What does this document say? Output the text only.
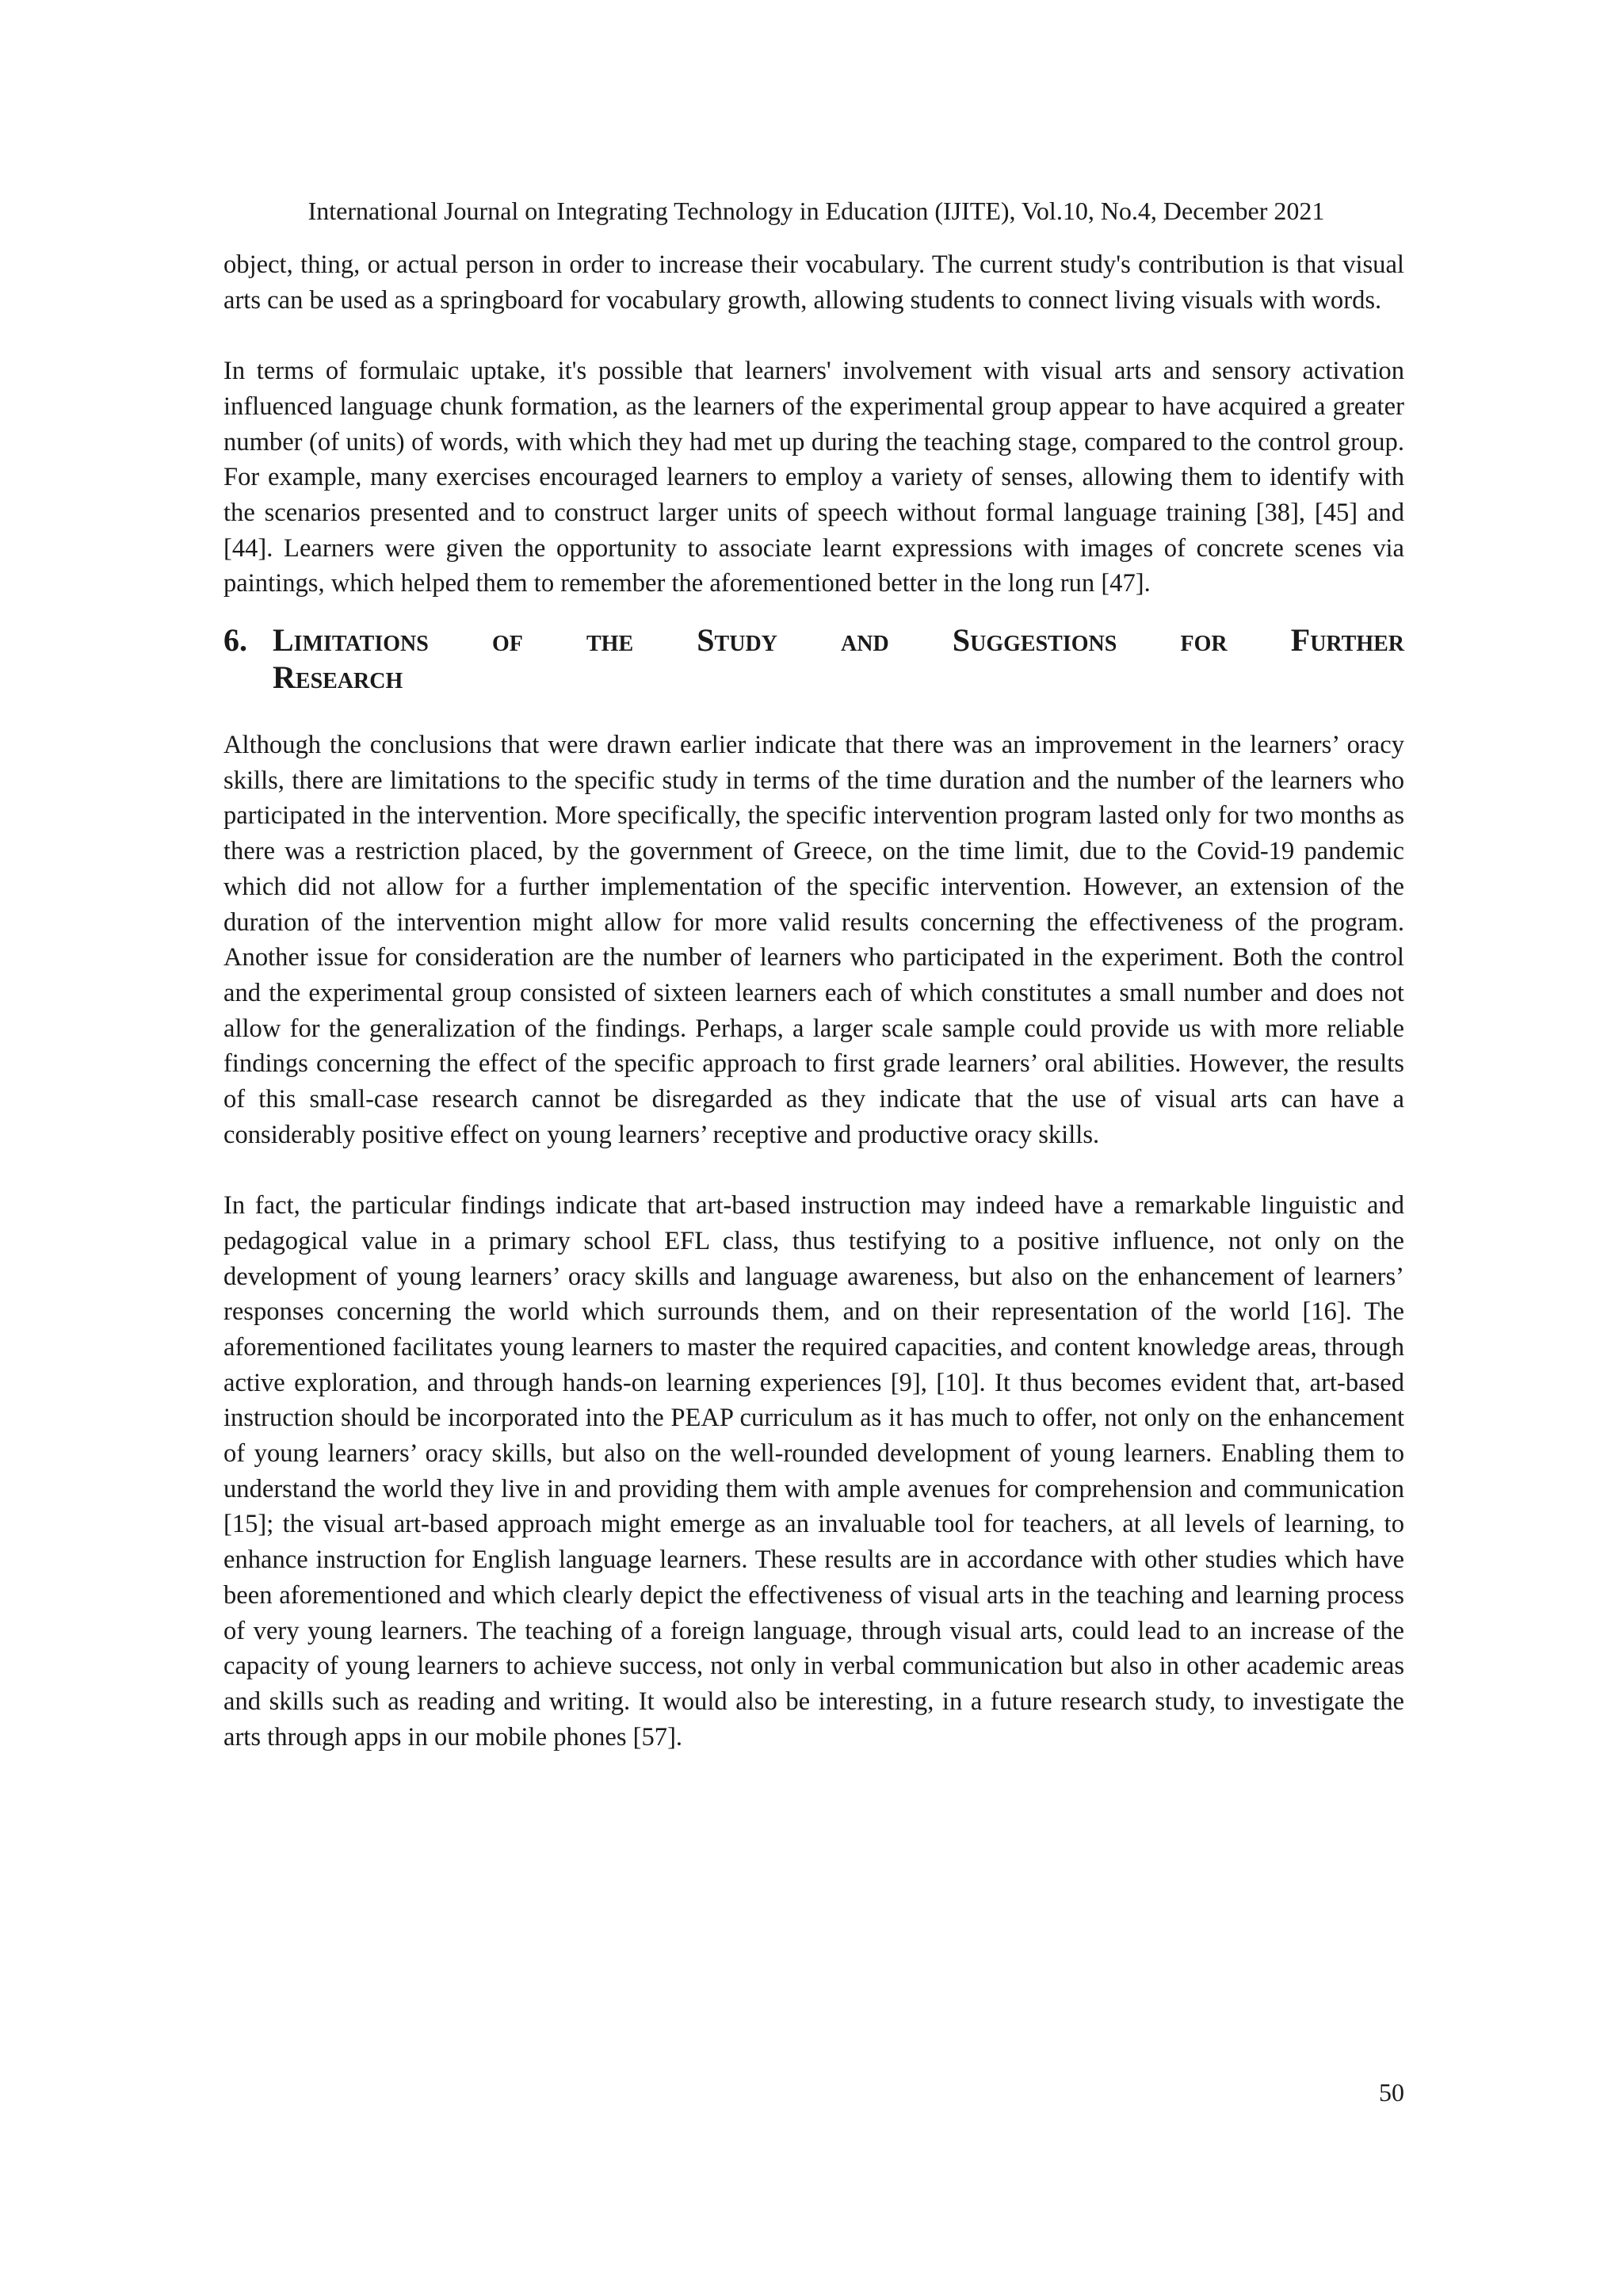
International Journal on Integrating Technology in Education (IJITE), Vol.10, No.4, December 2021

object, thing, or actual person in order to increase their vocabulary. The current study's contribution is that visual arts can be used as a springboard for vocabulary growth, allowing students to connect living visuals with words.

In terms of formulaic uptake, it's possible that learners' involvement with visual arts and sensory activation influenced language chunk formation, as the learners of the experimental group appear to have acquired a greater number (of units) of words, with which they had met up during the teaching stage, compared to the control group. For example, many exercises encouraged learners to employ a variety of senses, allowing them to identify with the scenarios presented and to construct larger units of speech without formal language training [38], [45] and [44]. Learners were given the opportunity to associate learnt expressions with images of concrete scenes via paintings, which helped them to remember the aforementioned better in the long run [47].

6. Limitations of the Study and Suggestions for Further
Research

Although the conclusions that were drawn earlier indicate that there was an improvement in the learners’ oracy skills, there are limitations to the specific study in terms of the time duration and the number of the learners who participated in the intervention. More specifically, the specific intervention program lasted only for two months as there was a restriction placed, by the government of Greece, on the time limit, due to the Covid-19 pandemic which did not allow for a further implementation of the specific intervention. However, an extension of the duration of the intervention might allow for more valid results concerning the effectiveness of the program. Another issue for consideration are the number of learners who participated in the experiment. Both the control and the experimental group consisted of sixteen learners each of which constitutes a small number and does not allow for the generalization of the findings. Perhaps, a larger scale sample could provide us with more reliable findings concerning the effect of the specific approach to first grade learners’ oral abilities. However, the results of this small-case research cannot be disregarded as they indicate that the use of visual arts can have a considerably positive effect on young learners’ receptive and productive oracy skills.

In fact, the particular findings indicate that art-based instruction may indeed have a remarkable linguistic and pedagogical value in a primary school EFL class, thus testifying to a positive influence, not only on the development of young learners’ oracy skills and language awareness, but also on the enhancement of learners’ responses concerning the world which surrounds them, and on their representation of the world [16]. The aforementioned facilitates young learners to master the required capacities, and content knowledge areas, through active exploration, and through hands-on learning experiences [9], [10]. It thus becomes evident that, art-based instruction should be incorporated into the PEAP curriculum as it has much to offer, not only on the enhancement of young learners’ oracy skills, but also on the well-rounded development of young learners. Enabling them to understand the world they live in and providing them with ample avenues for comprehension and communication [15]; the visual art-based approach might emerge as an invaluable tool for teachers, at all levels of learning, to enhance instruction for English language learners. These results are in accordance with other studies which have been aforementioned and which clearly depict the effectiveness of visual arts in the teaching and learning process of very young learners. The teaching of a foreign language, through visual arts, could lead to an increase of the capacity of young learners to achieve success, not only in verbal communication but also in other academic areas and skills such as reading and writing. It would also be interesting, in a future research study, to investigate the arts through apps in our mobile phones [57].

50
